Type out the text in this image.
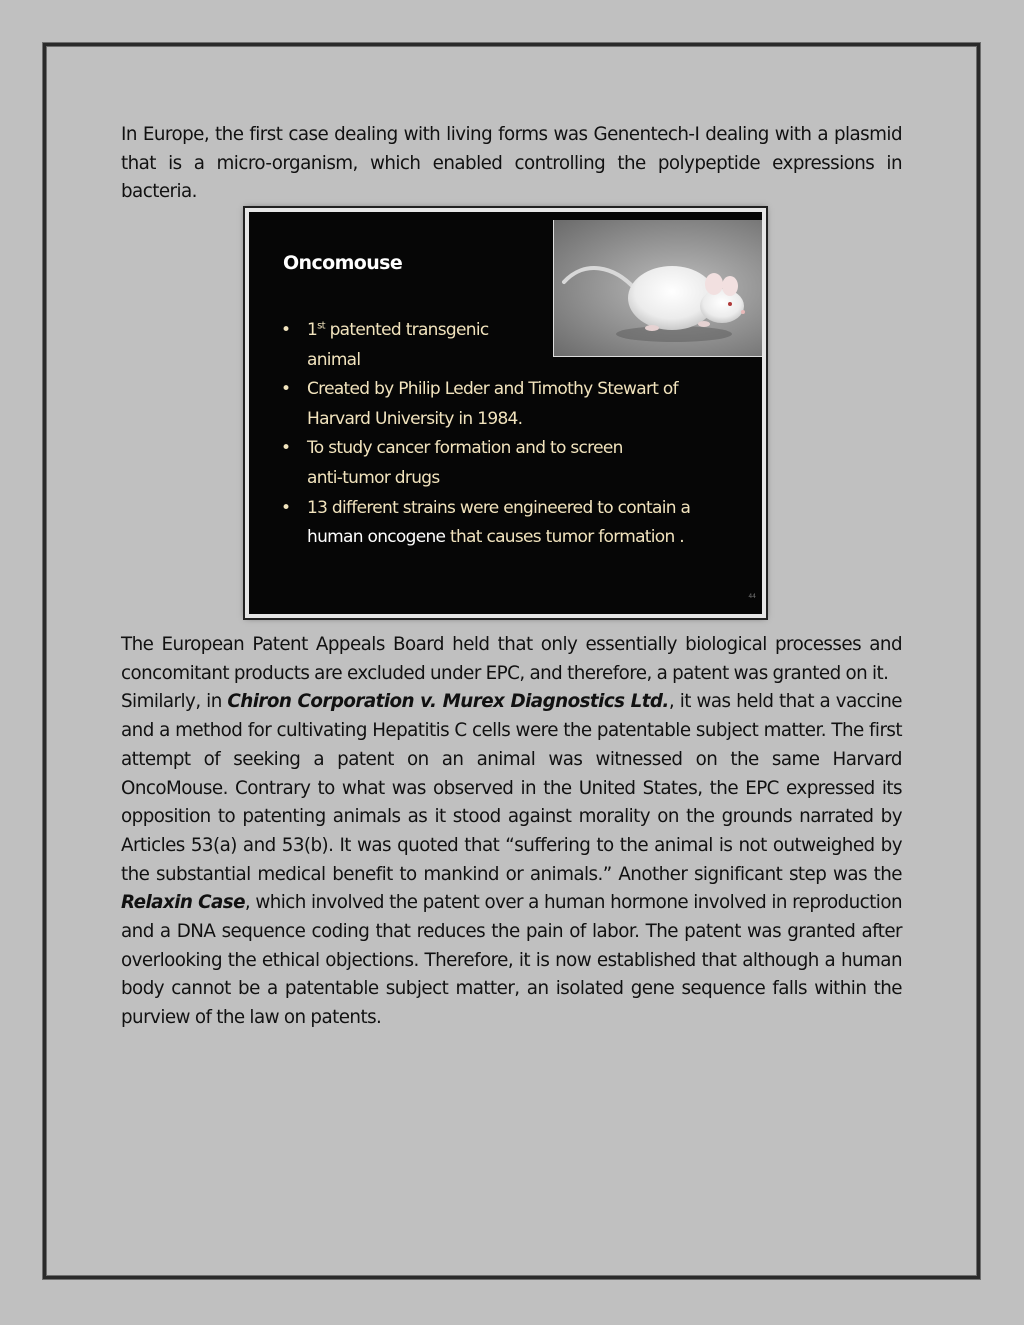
In Europe, the first case dealing with living forms was Genentech-I dealing with a plasmid that is a micro-organism, which enabled controlling the polypeptide expressions in bacteria.

Oncomouse
• 1st patented transgenic
animal
• Created by Philip Leder and Timothy Stewart of
Harvard University in 1984.
• To study cancer formation and to screen
anti-tumor drugs
• 13 different strains were engineered to contain a
human oncogene that causes tumor formation .
44

The European Patent Appeals Board held that only essentially biological processes and concomitant products are excluded under EPC, and therefore, a patent was granted on it.
Similarly, in Chiron Corporation v. Murex Diagnostics Ltd., it was held that a vaccine and a method for cultivating Hepatitis C cells were the patentable subject matter. The first attempt of seeking a patent on an animal was witnessed on the same Harvard OncoMouse. Contrary to what was observed in the United States, the EPC expressed its opposition to patenting animals as it stood against morality on the grounds narrated by Articles 53(a) and 53(b). It was quoted that “suffering to the animal is not outweighed by the substantial medical benefit to mankind or animals.” Another significant step was the Relaxin Case, which involved the patent over a human hormone involved in reproduction and a DNA sequence coding that reduces the pain of labor. The patent was granted after overlooking the ethical objections. Therefore, it is now established that although a human body cannot be a patentable subject matter, an isolated gene sequence falls within the purview of the law on patents.
